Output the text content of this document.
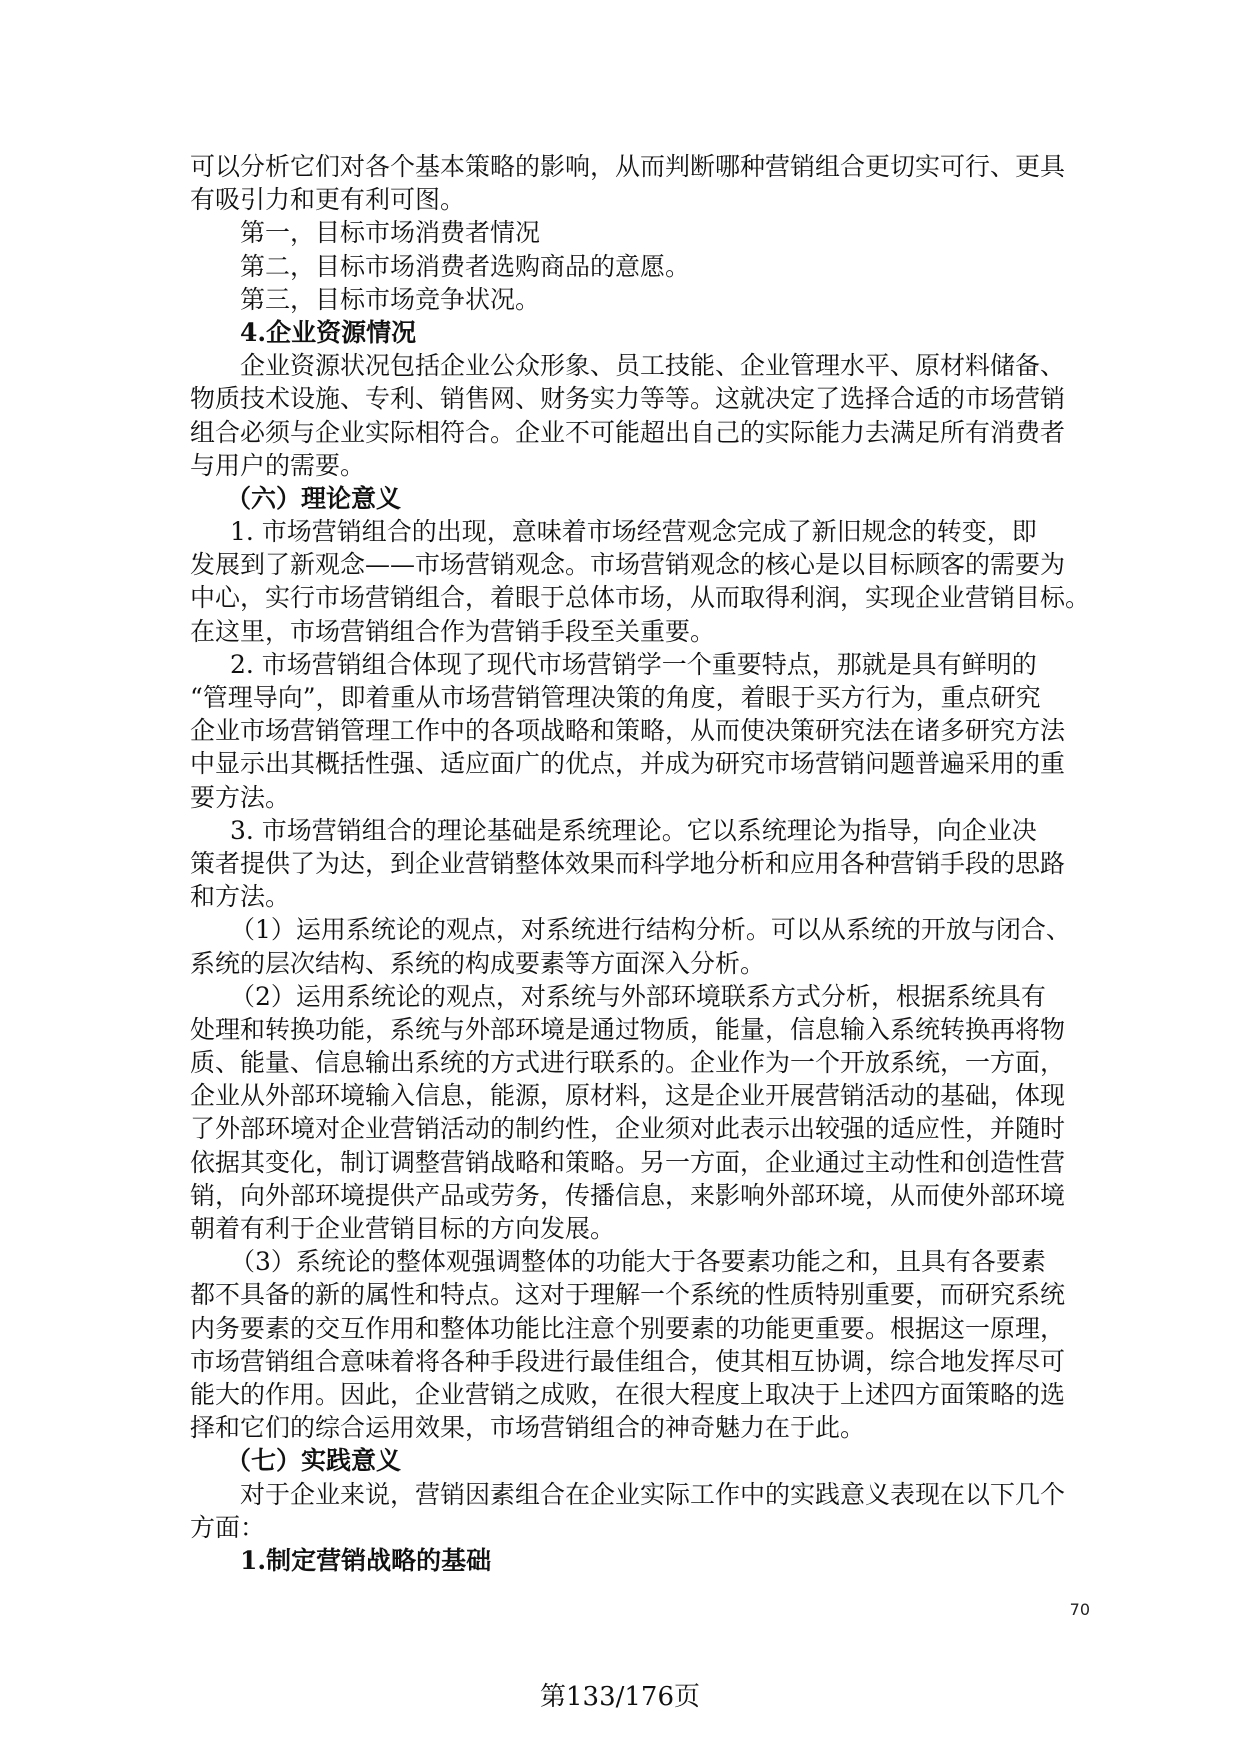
可以分析它们对各个基本策略的影响，从而判断哪种营销组合更切实可行、更具
有吸引力和更有利可图。
第一，目标市场消费者情况
第二，目标市场消费者选购商品的意愿。
第三，目标市场竞争状况。
4.企业资源情况
企业资源状况包括企业公众形象、员工技能、企业管理水平、原材料储备、
物质技术设施、专利、销售网、财务实力等等。这就决定了选择合适的市场营销
组合必须与企业实际相符合。企业不可能超出自己的实际能力去满足所有消费者
与用户的需要。
（六）理论意义
1. 市场营销组合的出现，意味着市场经营观念完成了新旧规念的转变，即
发展到了新观念——市场营销观念。市场营销观念的核心是以目标顾客的需要为
中心，实行市场营销组合，着眼于总体市场，从而取得利润，实现企业营销目标。
在这里，市场营销组合作为营销手段至关重要。
2. 市场营销组合体现了现代市场营销学一个重要特点，那就是具有鲜明的
“管理导向”，即着重从市场营销管理决策的角度，着眼于买方行为，重点研究
企业市场营销管理工作中的各项战略和策略，从而使决策研究法在诸多研究方法
中显示出其概括性强、适应面广的优点，并成为研究市场营销问题普遍采用的重
要方法。
3. 市场营销组合的理论基础是系统理论。它以系统理论为指导，向企业决
策者提供了为达，到企业营销整体效果而科学地分析和应用各种营销手段的思路
和方法。
（1）运用系统论的观点，对系统进行结构分析。可以从系统的开放与闭合、
系统的层次结构、系统的构成要素等方面深入分析。
（2）运用系统论的观点，对系统与外部环境联系方式分析，根据系统具有
处理和转换功能，系统与外部环境是通过物质，能量，信息输入系统转换再将物
质、能量、信息输出系统的方式进行联系的。企业作为一个开放系统，一方面，
企业从外部环境输入信息，能源，原材料，这是企业开展营销活动的基础，体现
了外部环境对企业营销活动的制约性，企业须对此表示出较强的适应性，并随时
依据其变化，制订调整营销战略和策略。另一方面，企业通过主动性和创造性营
销，向外部环境提供产品或劳务，传播信息，来影响外部环境，从而使外部环境
朝着有利于企业营销目标的方向发展。
（3）系统论的整体观强调整体的功能大于各要素功能之和，且具有各要素
都不具备的新的属性和特点。这对于理解一个系统的性质特别重要，而研究系统
内务要素的交互作用和整体功能比注意个别要素的功能更重要。根据这一原理，
市场营销组合意味着将各种手段进行最佳组合，使其相互协调，综合地发挥尽可
能大的作用。因此，企业营销之成败，在很大程度上取决于上述四方面策略的选
择和它们的综合运用效果，市场营销组合的神奇魅力在于此。
（七）实践意义
对于企业来说，营销因素组合在企业实际工作中的实践意义表现在以下几个
方面：
1.制定营销战略的基础
70
第133/176页
